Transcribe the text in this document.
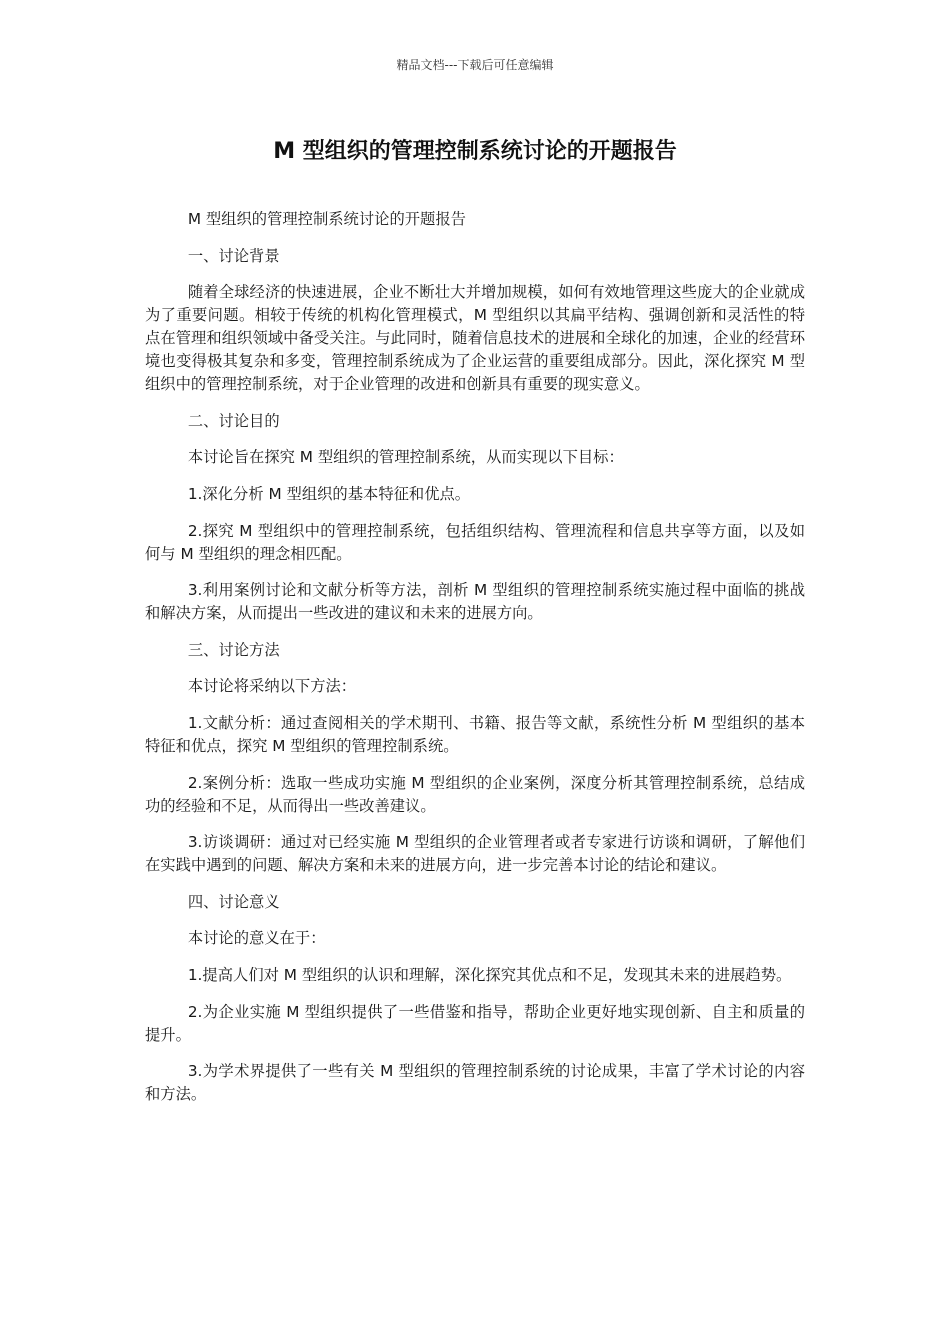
精品文档---下载后可任意编辑
M 型组织的管理控制系统讨论的开题报告

M 型组织的管理控制系统讨论的开题报告

一、讨论背景

随着全球经济的快速进展，企业不断壮大并增加规模，如何有效地管理这些庞大的企业就成为了重要问题。相较于传统的机构化管理模式，M 型组织以其扁平结构、强调创新和灵活性的特点在管理和组织领域中备受关注。与此同时，随着信息技术的进展和全球化的加速，企业的经营环境也变得极其复杂和多变，管理控制系统成为了企业运营的重要组成部分。因此，深化探究 M 型组织中的管理控制系统，对于企业管理的改进和创新具有重要的现实意义。

二、讨论目的

本讨论旨在探究 M 型组织的管理控制系统，从而实现以下目标：

1.深化分析 M 型组织的基本特征和优点。

2.探究 M 型组织中的管理控制系统，包括组织结构、管理流程和信息共享等方面，以及如何与 M 型组织的理念相匹配。

3.利用案例讨论和文献分析等方法，剖析 M 型组织的管理控制系统实施过程中面临的挑战和解决方案，从而提出一些改进的建议和未来的进展方向。

三、讨论方法

本讨论将采纳以下方法：

1.文献分析：通过查阅相关的学术期刊、书籍、报告等文献，系统性分析 M 型组织的基本特征和优点，探究 M 型组织的管理控制系统。

2.案例分析：选取一些成功实施 M 型组织的企业案例，深度分析其管理控制系统，总结成功的经验和不足，从而得出一些改善建议。

3.访谈调研：通过对已经实施 M 型组织的企业管理者或者专家进行访谈和调研，了解他们在实践中遇到的问题、解决方案和未来的进展方向，进一步完善本讨论的结论和建议。

四、讨论意义

本讨论的意义在于：

1.提高人们对 M 型组织的认识和理解，深化探究其优点和不足，发现其未来的进展趋势。

2.为企业实施 M 型组织提供了一些借鉴和指导，帮助企业更好地实现创新、自主和质量的提升。

3.为学术界提供了一些有关 M 型组织的管理控制系统的讨论成果，丰富了学术讨论的内容和方法。
